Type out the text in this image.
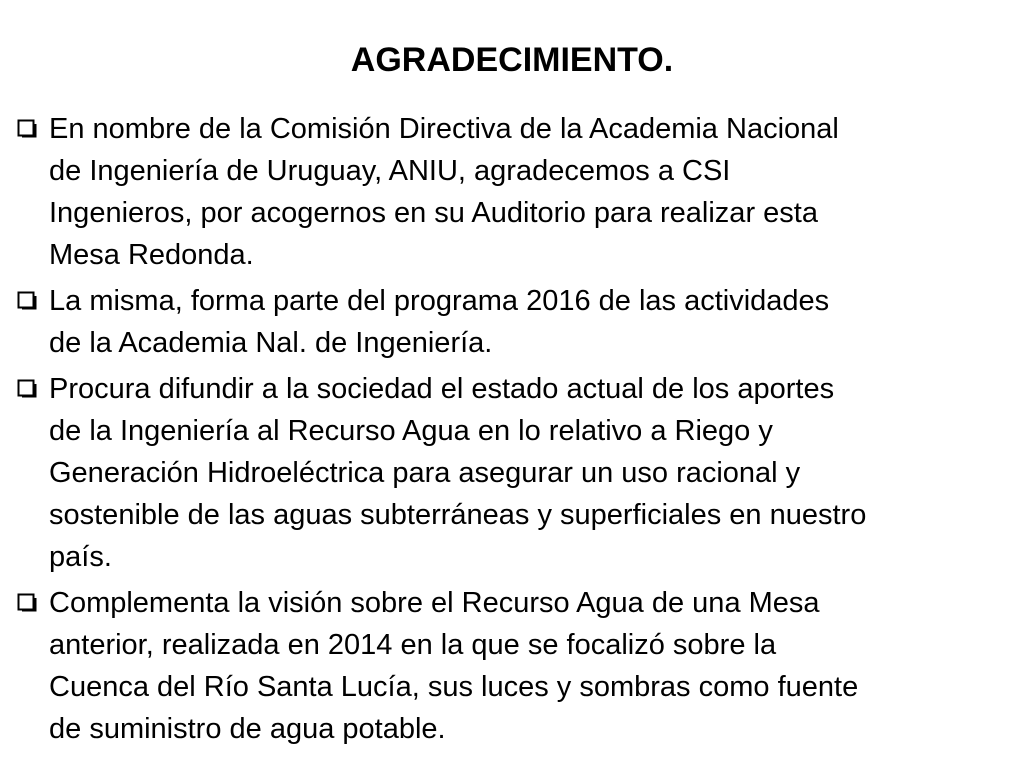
AGRADECIMIENTO.
En nombre de la Comisión Directiva de la Academia Nacional
de Ingeniería de Uruguay, ANIU, agradecemos a CSI
Ingenieros, por acogernos en su Auditorio para realizar esta
Mesa Redonda.
La misma, forma parte del programa 2016 de las actividades
de la Academia Nal. de Ingeniería.
Procura difundir a la sociedad el estado actual de los aportes
de la Ingeniería al Recurso Agua en lo relativo a Riego y
Generación Hidroeléctrica para asegurar un uso racional y
sostenible de las aguas subterráneas y superficiales en nuestro
país.
Complementa la visión sobre el Recurso Agua de una Mesa
anterior, realizada en 2014 en la que se focalizó sobre la
Cuenca del Río Santa Lucía, sus luces y sombras como fuente
de suministro de agua potable.
